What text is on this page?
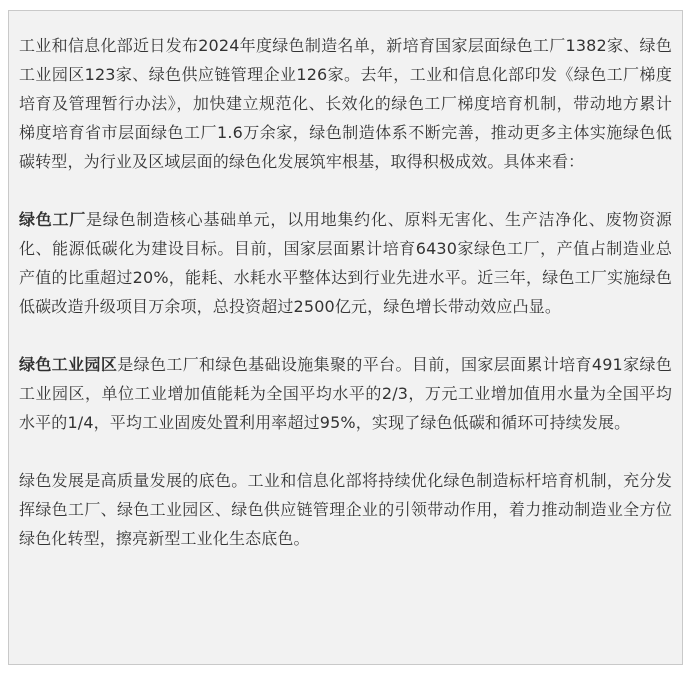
工业和信息化部近日发布2024年度绿色制造名单，新培育国家层面绿色工厂1382家、绿色工业园区123家、绿色供应链管理企业126家。去年，工业和信息化部印发《绿色工厂梯度培育及管理暂行办法》，加快建立规范化、长效化的绿色工厂梯度培育机制，带动地方累计梯度培育省市层面绿色工厂1.6万余家，绿色制造体系不断完善，推动更多主体实施绿色低碳转型，为行业及区域层面的绿色化发展筑牢根基，取得积极成效。具体来看：

绿色工厂是绿色制造核心基础单元，以用地集约化、原料无害化、生产洁净化、废物资源化、能源低碳化为建设目标。目前，国家层面累计培育6430家绿色工厂，产值占制造业总产值的比重超过20%，能耗、水耗水平整体达到行业先进水平。近三年，绿色工厂实施绿色低碳改造升级项目万余项，总投资超过2500亿元，绿色增长带动效应凸显。

绿色工业园区是绿色工厂和绿色基础设施集聚的平台。目前，国家层面累计培育491家绿色工业园区，单位工业增加值能耗为全国平均水平的2/3，万元工业增加值用水量为全国平均水平的1/4，平均工业固废处置利用率超过95%，实现了绿色低碳和循环可持续发展。

绿色发展是高质量发展的底色。工业和信息化部将持续优化绿色制造标杆培育机制，充分发挥绿色工厂、绿色工业园区、绿色供应链管理企业的引领带动作用，着力推动制造业全方位绿色化转型，擦亮新型工业化生态底色。
